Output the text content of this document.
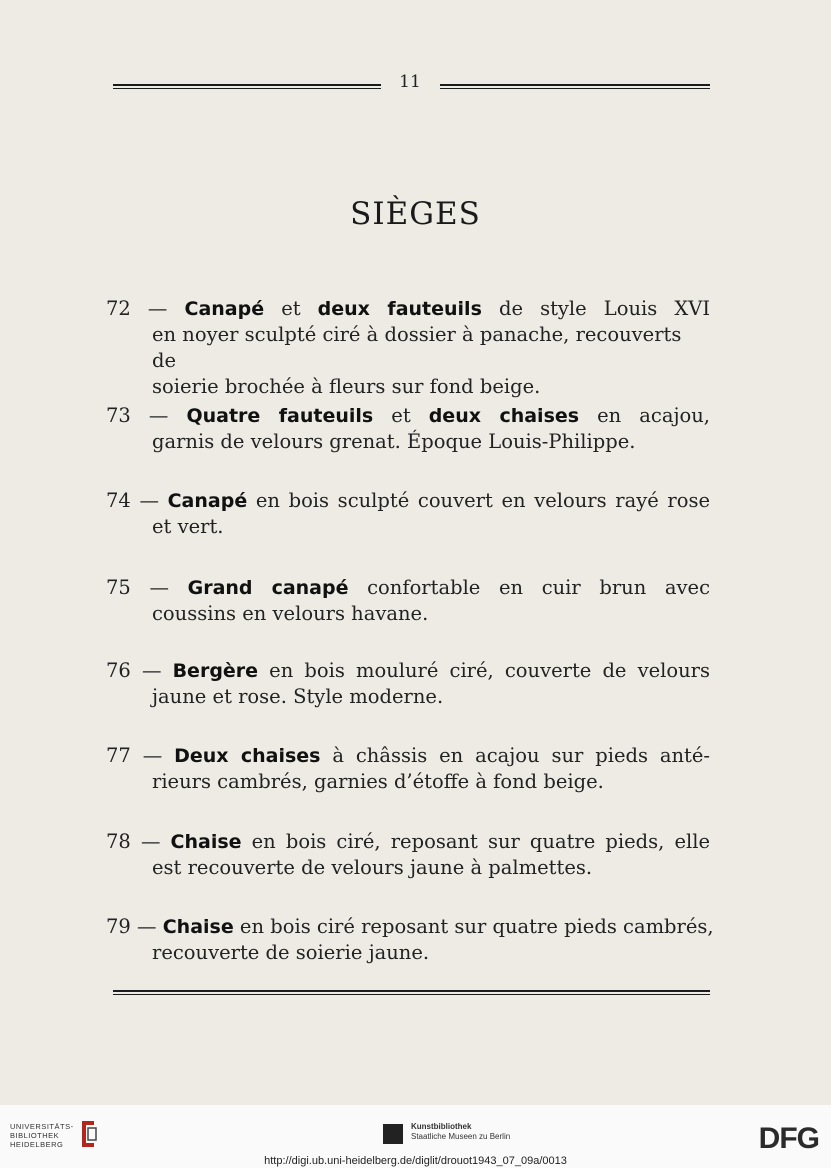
11
SIÈGES
72 — Canapé et deux fauteuils de style Louis XVI
en noyer sculpté ciré à dossier à panache, recouverts de
soierie brochée à fleurs sur fond beige.
73 — Quatre fauteuils et deux chaises en acajou,
garnis de velours grenat. Époque Louis-Philippe.
74 — Canapé en bois sculpté couvert en velours rayé rose
et vert.
75 — Grand canapé confortable en cuir brun avec
coussins en velours havane.
76 — Bergère en bois mouluré ciré, couverte de velours
jaune et rose. Style moderne.
77 — Deux chaises à châssis en acajou sur pieds anté-
rieurs cambrés, garnies d’étoffe à fond beige.
78 — Chaise en bois ciré, reposant sur quatre pieds, elle
est recouverte de velours jaune à palmettes.
79 — Chaise en bois ciré reposant sur quatre pieds cambrés,
recouverte de soierie jaune.
UNIVERSITÄTS-
BIBLIOTHEK
HEIDELBERG
Kunstbibliothek
Staatliche Museen zu Berlin	DFG
http://digi.ub.uni-heidelberg.de/diglit/drouot1943_07_09a/0013
